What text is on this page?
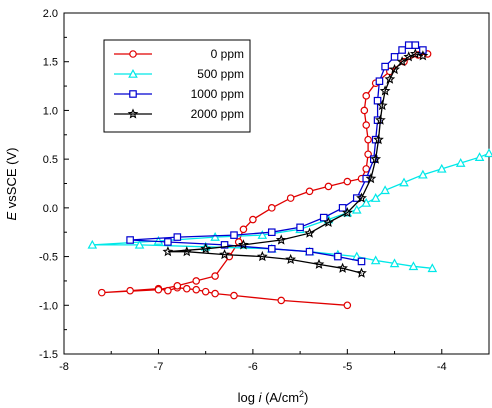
-8	-7	-6	-5	-4
-1.5
-1.0
-0.5
0.0
0.5
1.0
1.5
2.0
0 ppm
500 ppm
1000 ppm
2000 ppm
log i $(A/cm^2)$
E vsSCE (V)
